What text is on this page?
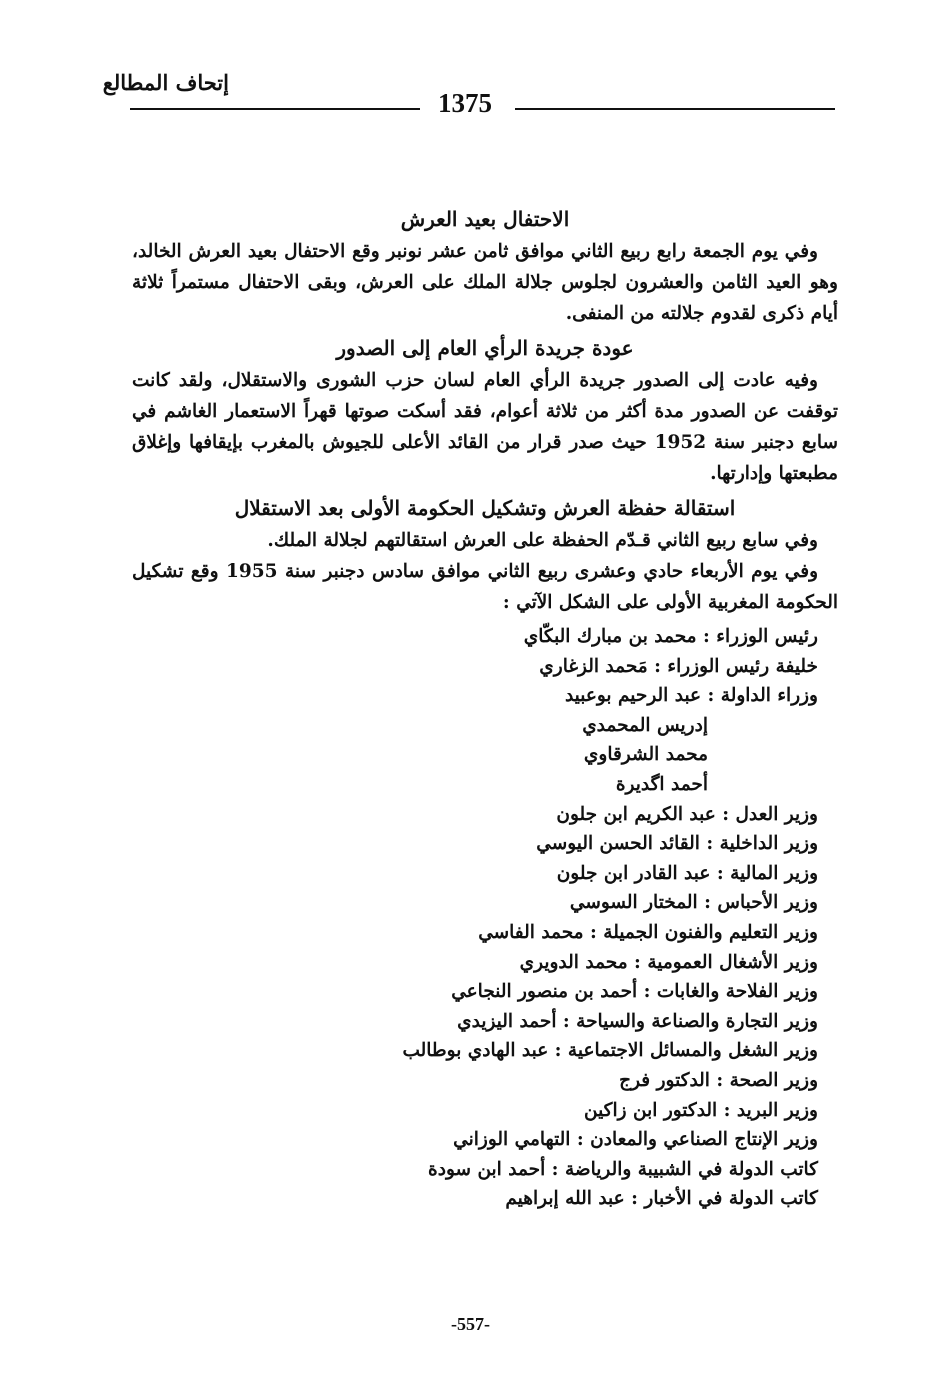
إتحاف المطالع
1375
الاحتفال بعيد العرش

وفي يوم الجمعة رابع ربيع الثاني موافق ثامن عشر نونبر وقع الاحتفال بعيد العرش الخالد، وهو العيد الثامن والعشرون لجلوس جلالة الملك على العرش، وبقى الاحتفال مستمراً ثلاثة أيام ذكرى لقدوم جلالته من المنفى.

عودة جريدة الرأي العام إلى الصدور

وفيه عادت إلى الصدور جريدة الرأي العام لسان حزب الشورى والاستقلال، ولقد كانت توقفت عن الصدور مدة أكثر من ثلاثة أعوام، فقد أسكت صوتها قهراً الاستعمار الغاشم في سابع دجنبر سنة 1952 حيث صدر قرار من القائد الأعلى للجيوش بالمغرب بإيقافها وإغلاق مطبعتها وإدارتها.

استقالة حفظة العرش وتشكيل الحكومة الأولى بعد الاستقلال

وفي سابع ربيع الثاني قـدّم الحفظة على العرش استقالتهم لجلالة الملك.

وفي يوم الأربعاء حادي وعشرى ربيع الثاني موافق سادس دجنبر سنة 1955 وقع تشكيل الحكومة المغربية الأولى على الشكل الآتي :

رئيس الوزراء : محمد بن مبارك البكّاي
خليفة رئيس الوزراء : مَحمد الزغاري
وزراء الداولة : عبد الرحيم بوعبيد
إدريس المحمدي
محمد الشرقاوي
أحمد اگديرة
وزير العدل : عبد الكريم ابن جلون
وزير الداخلية : القائد الحسن اليوسي
وزير المالية : عبد القادر ابن جلون
وزير الأحباس : المختار السوسي
وزير التعليم والفنون الجميلة : محمد الفاسي
وزير الأشغال العمومية : محمد الدويري
وزير الفلاحة والغابات : أحمد بن منصور النجاعي
وزير التجارة والصناعة والسياحة : أحمد اليزيدي
وزير الشغل والمسائل الاجتماعية : عبد الهادي بوطالب
وزير الصحة : الدكتور فرج
وزير البريد : الدكتور ابن زاكين
وزير الإنتاج الصناعي والمعادن : التهامي الوزاني
كاتب الدولة في الشبيبة والرياضة : أحمد ابن سودة
كاتب الدولة في الأخبار : عبد الله إبراهيم
-557-
